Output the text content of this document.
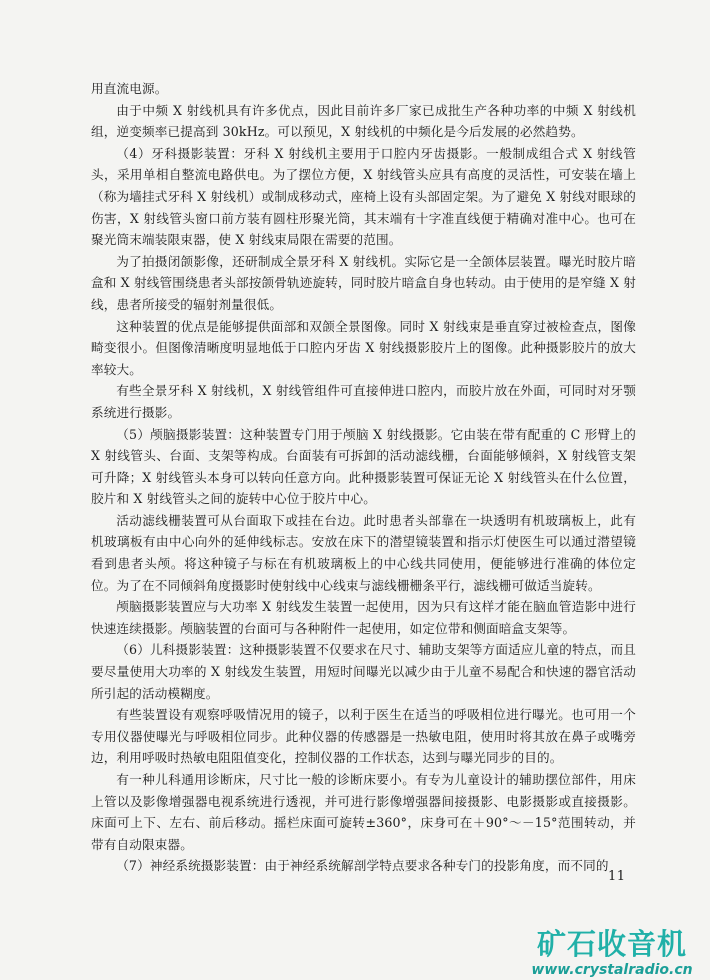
用直流电源。

由于中频 X 射线机具有许多优点，因此目前许多厂家已成批生产各种功率的中频 X 射线机组，逆变频率已提高到 30kHz。可以预见，X 射线机的中频化是今后发展的必然趋势。

（4）牙科摄影装置：牙科 X 射线机主要用于口腔内牙齿摄影。一般制成组合式 X 射线管头，采用单相自整流电路供电。为了摆位方便，X 射线管头应具有高度的灵活性，可安装在墙上（称为墙挂式牙科 X 射线机）或制成移动式，座椅上设有头部固定架。为了避免 X 射线对眼球的伤害，X 射线管头窗口前方装有圆柱形聚光筒，其末端有十字准直线便于精确对准中心。也可在聚光筒末端装限束器，使 X 射线束局限在需要的范围。

为了拍摄闭颌影像，还研制成全景牙科 X 射线机。实际它是一全颌体层装置。曝光时胶片暗盒和 X 射线管围绕患者头部按颌骨轨迹旋转，同时胶片暗盒自身也转动。由于使用的是窄缝 X 射线，患者所接受的辐射剂量很低。

这种装置的优点是能够提供面部和双颌全景图像。同时 X 射线束是垂直穿过被检查点，图像畸变很小。但图像清晰度明显地低于口腔内牙齿 X 射线摄影胶片上的图像。此种摄影胶片的放大率较大。

有些全景牙科 X 射线机，X 射线管组件可直接伸进口腔内，而胶片放在外面，可同时对牙颚系统进行摄影。

（5）颅脑摄影装置：这种装置专门用于颅脑 X 射线摄影。它由装在带有配重的 C 形臂上的 X 射线管头、台面、支架等构成。台面装有可拆卸的活动滤线栅，台面能够倾斜，X 射线管支架可升降；X 射线管头本身可以转向任意方向。此种摄影装置可保证无论 X 射线管头在什么位置，胶片和 X 射线管头之间的旋转中心位于胶片中心。

活动滤线栅装置可从台面取下或挂在台边。此时患者头部靠在一块透明有机玻璃板上，此有机玻璃板有由中心向外的延伸线标志。安放在床下的潜望镜装置和指示灯使医生可以通过潜望镜看到患者头颅。将这种镜子与标在有机玻璃板上的中心线共同使用，便能够进行准确的体位定位。为了在不同倾斜角度摄影时使射线中心线束与滤线栅栅条平行，滤线栅可做适当旋转。

颅脑摄影装置应与大功率 X 射线发生装置一起使用，因为只有这样才能在脑血管造影中进行快速连续摄影。颅脑装置的台面可与各种附件一起使用，如定位带和侧面暗盒支架等。

（6）儿科摄影装置：这种摄影装置不仅要求在尺寸、辅助支架等方面适应儿童的特点，而且要尽量使用大功率的 X 射线发生装置，用短时间曝光以减少由于儿童不易配合和快速的器官活动所引起的活动模糊度。

有些装置设有观察呼吸情况用的镜子，以利于医生在适当的呼吸相位进行曝光。也可用一个专用仪器使曝光与呼吸相位同步。此种仪器的传感器是一热敏电阻，使用时将其放在鼻子或嘴旁边，利用呼吸时热敏电阻阻值变化，控制仪器的工作状态，达到与曝光同步的目的。

有一种儿科通用诊断床，尺寸比一般的诊断床要小。有专为儿童设计的辅助摆位部件，用床上管以及影像增强器电视系统进行透视，并可进行影像增强器间接摄影、电影摄影或直接摄影。床面可上下、左右、前后移动。摇栏床面可旋转±360°，床身可在＋90°～－15°范围转动，并带有自动限束器。

（7）神经系统摄影装置：由于神经系统解剖学特点要求各种专门的投影角度，而不同的

11
矿石收音机
www.crystalradio.cn
